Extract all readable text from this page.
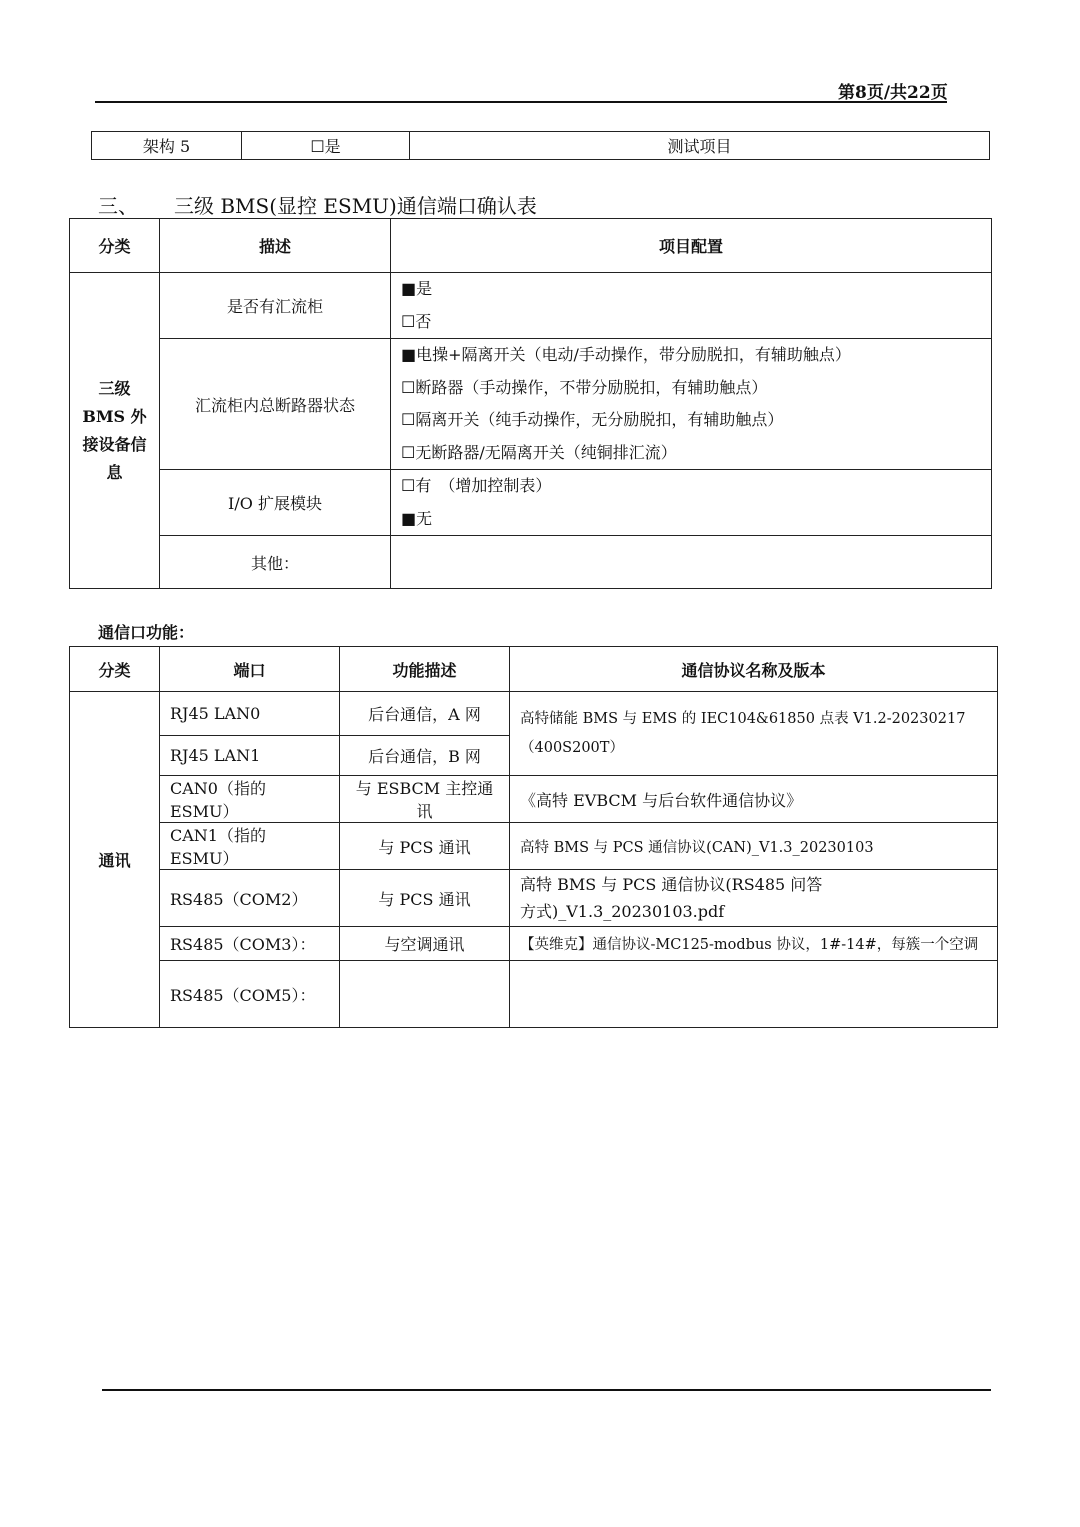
第8页/共22页
架构 5	☐是	测试项目
三、 三级 BMS(显控 ESMU)通信端口确认表
分类	描述	项目配置
三级 BMS 外接设备信息	是否有汇流柜	■是
☐否

	汇流柜内总断路器状态	■电操+隔离开关（电动/手动操作，带分励脱扣，有辅助触点）
☐断路器（手动操作，不带分励脱扣，有辅助触点）
☐隔离开关（纯手动操作，无分励脱扣，有辅助触点）
☐无断路器/无隔离开关（纯铜排汇流）

	I/O 扩展模块	☐有　（增加控制表）
■无

	其他：	
通信口功能：
分类	端口	功能描述	通信协议名称及版本
通讯	RJ45 LAN0	后台通信，A 网	高特储能 BMS 与 EMS 的 IEC104&61850 点表 V1.2-20230217（400S200T）
	RJ45 LAN1	后台通信，B 网	
	CAN0（指的 ESMU）	与 ESBCM 主控通讯	《高特 EVBCM 与后台软件通信协议》
	CAN1（指的 ESMU）	与 PCS 通讯	高特 BMS 与 PCS 通信协议(CAN)_V1.3_20230103
	RS485（COM2）	与 PCS 通讯	高特 BMS 与 PCS 通信协议(RS485 问答方式)_V1.3_20230103.pdf
	RS485（COM3）：	与空调通讯	【英维克】通信协议-MC125-modbus 协议，1#-14#，每簇一个空调
	RS485（COM5）：		
